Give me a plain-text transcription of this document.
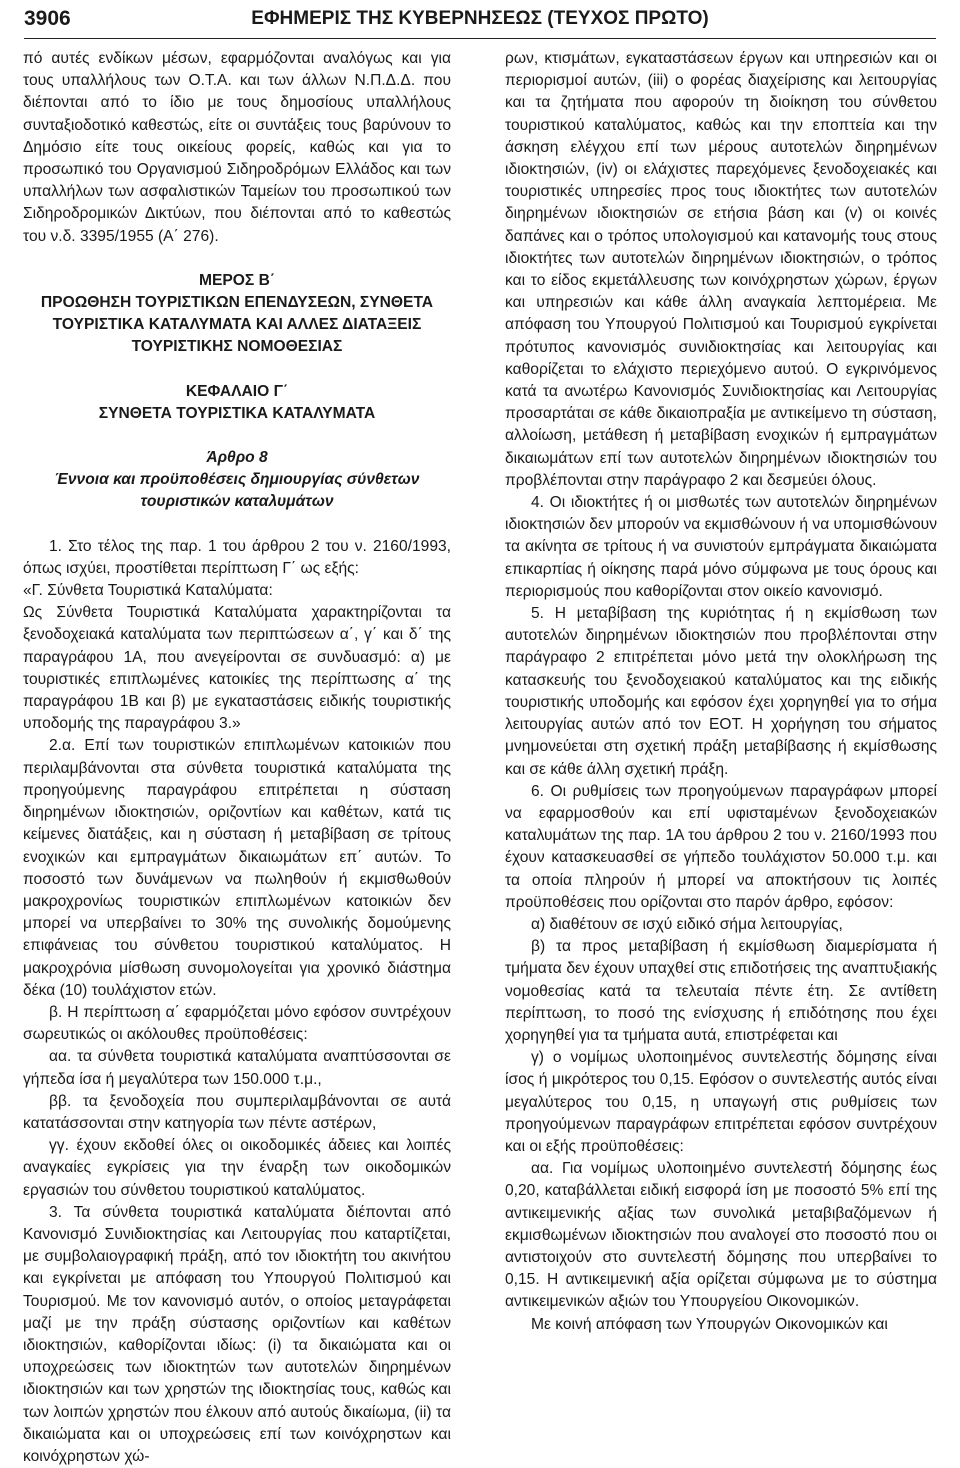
3906	ΕΦΗΜΕΡΙΣ ΤΗΣ ΚΥΒΕΡΝΗΣΕΩΣ (ΤΕΥΧΟΣ ΠΡΩΤΟ)

πό αυτές ενδίκων μέσων, εφαρμόζονται αναλόγως και για τους υπαλλήλους των Ο.Τ.Α. και των άλλων Ν.Π.Δ.Δ. που διέπονται από το ίδιο με τους δημοσίους υπαλλήλους συνταξιοδοτικό καθεστώς, είτε οι συντάξεις τους βαρύνουν το Δημόσιο είτε τους οικείους φορείς, καθώς και για το προσωπικό του Οργανισμού Σιδηροδρόμων Ελλάδος και των υπαλλήλων των ασφαλιστικών Ταμείων του προσωπικού των Σιδηροδρομικών Δικτύων, που διέπονται από το καθεστώς του ν.δ. 3395/1955 (Α΄ 276).

ΜΕΡΟΣ Β΄

ΠΡΟΩΘΗΣΗ ΤΟΥΡΙΣΤΙΚΩΝ ΕΠΕΝΔΥΣΕΩΝ, ΣΥΝΘΕΤΑ

ΤΟΥΡΙΣΤΙΚΑ ΚΑΤΑΛΥΜΑΤΑ ΚΑΙ ΑΛΛΕΣ ΔΙΑΤΑΞΕΙΣ

ΤΟΥΡΙΣΤΙΚΗΣ ΝΟΜΟΘΕΣΙΑΣ

ΚΕΦΑΛΑΙΟ Γ΄

ΣΥΝΘΕΤΑ ΤΟΥΡΙΣΤΙΚΑ ΚΑΤΑΛΥΜΑΤΑ

Άρθρο 8

Έννοια και προϋποθέσεις δημιουργίας σύνθετων

τουριστικών καταλυμάτων

1. Στο τέλος της παρ. 1 του άρθρου 2 του ν. 2160/1993, όπως ισχύει, προστίθεται περίπτωση Γ΄ ως εξής:

«Γ. Σύνθετα Τουριστικά Καταλύματα:

Ως Σύνθετα Τουριστικά Καταλύματα χαρακτηρίζονται τα ξενοδοχειακά καταλύματα των περιπτώσεων α΄, γ΄ και δ΄ της παραγράφου 1Α, που ανεγείρονται σε συνδυασμό: α) με τουριστικές επιπλωμένες κατοικίες της περίπτωσης α΄ της παραγράφου 1Β και β) με εγκαταστάσεις ειδικής τουριστικής υποδομής της παραγράφου 3.»

2.α. Επί των τουριστικών επιπλωμένων κατοικιών που περιλαμβάνονται στα σύνθετα τουριστικά καταλύματα της προηγούμενης παραγράφου επιτρέπεται η σύσταση διηρημένων ιδιοκτησιών, οριζοντίων και καθέτων, κατά τις κείμενες διατάξεις, και η σύσταση ή μεταβίβαση σε τρίτους ενοχικών και εμπραγμάτων δικαιωμάτων επ΄ αυτών. Το ποσοστό των δυνάμενων να πωληθούν ή εκμισθωθούν μακροχρονίως τουριστικών επιπλωμένων κατοικιών δεν μπορεί να υπερβαίνει το 30% της συνολικής δομούμενης επιφάνειας του σύνθετου τουριστικού καταλύματος. Η μακροχρόνια μίσθωση συνομολογείται για χρονικό διάστημα δέκα (10) τουλάχιστον ετών.

β. Η περίπτωση α΄ εφαρμόζεται μόνο εφόσον συντρέχουν σωρευτικώς οι ακόλουθες προϋποθέσεις:

αα. τα σύνθετα τουριστικά καταλύματα αναπτύσσονται σε γήπεδα ίσα ή μεγαλύτερα των 150.000 τ.μ.,

ββ. τα ξενοδοχεία που συμπεριλαμβάνονται σε αυτά κατατάσσονται στην κατηγορία των πέντε αστέρων,

γγ. έχουν εκδοθεί όλες οι οικοδομικές άδειες και λοιπές αναγκαίες εγκρίσεις για την έναρξη των οικοδομικών εργασιών του σύνθετου τουριστικού καταλύματος.

3. Τα σύνθετα τουριστικά καταλύματα διέπονται από Κανονισμό Συνιδιοκτησίας και Λειτουργίας που καταρτίζεται, με συμβολαιογραφική πράξη, από τον ιδιοκτήτη του ακινήτου και εγκρίνεται με απόφαση του Υπουργού Πολιτισμού και Τουρισμού. Με τον κανονισμό αυτόν, ο οποίος μεταγράφεται μαζί με την πράξη σύστασης οριζοντίων και καθέτων ιδιοκτησιών, καθορίζονται ιδίως: (i) τα δικαιώματα και οι υποχρεώσεις των ιδιοκτητών των αυτοτελών διηρημένων ιδιοκτησιών και των χρηστών της ιδιοκτησίας τους, καθώς και των λοιπών χρηστών που έλκουν από αυτούς δικαίωμα, (ii) τα δικαιώματα και οι υποχρεώσεις επί των κοινόχρηστων και κοινόχρηστων χώ-

ρων, κτισμάτων, εγκαταστάσεων έργων και υπηρεσιών και οι περιορισμοί αυτών, (iii) ο φορέας διαχείρισης και λειτουργίας και τα ζητήματα που αφορούν τη διοίκηση του σύνθετου τουριστικού καταλύματος, καθώς και την εποπτεία και την άσκηση ελέγχου επί των μέρους αυτοτελών διηρημένων ιδιοκτησιών, (iv) οι ελάχιστες παρεχόμενες ξενοδοχειακές και τουριστικές υπηρεσίες προς τους ιδιοκτήτες των αυτοτελών διηρημένων ιδιοκτησιών σε ετήσια βάση και (v) οι κοινές δαπάνες και ο τρόπος υπολογισμού και κατανομής τους στους ιδιοκτήτες των αυτοτελών διηρημένων ιδιοκτησιών, ο τρόπος και το είδος εκμετάλλευσης των κοινόχρηστων χώρων, έργων και υπηρεσιών και κάθε άλλη αναγκαία λεπτομέρεια. Με απόφαση του Υπουργού Πολιτισμού και Τουρισμού εγκρίνεται πρότυπος κανονισμός συνιδιοκτησίας και λειτουργίας και καθορίζεται το ελάχιστο περιεχόμενο αυτού. Ο εγκρινόμενος κατά τα ανωτέρω Κανονισμός Συνιδιοκτησίας και Λειτουργίας προσαρτάται σε κάθε δικαιοπραξία με αντικείμενο τη σύσταση, αλλοίωση, μετάθεση ή μεταβίβαση ενοχικών ή εμπραγμάτων δικαιωμάτων επί των αυτοτελών διηρημένων ιδιοκτησιών του προβλέπονται στην παράγραφο 2 και δεσμεύει όλους.

4. Οι ιδιοκτήτες ή οι μισθωτές των αυτοτελών διηρημένων ιδιοκτησιών δεν μπορούν να εκμισθώνουν ή να υπομισθώνουν τα ακίνητα σε τρίτους ή να συνιστούν εμπράγματα δικαιώματα επικαρπίας ή οίκησης παρά μόνο σύμφωνα με τους όρους και περιορισμούς που καθορίζονται στον οικείο κανονισμό.

5. Η μεταβίβαση της κυριότητας ή η εκμίσθωση των αυτοτελών διηρημένων ιδιοκτησιών που προβλέπονται στην παράγραφο 2 επιτρέπεται μόνο μετά την ολοκλήρωση της κατασκευής του ξενοδοχειακού καταλύματος και της ειδικής τουριστικής υποδομής και εφόσον έχει χορηγηθεί για το σήμα λειτουργίας αυτών από τον ΕΟΤ. Η χορήγηση του σήματος μνημονεύεται στη σχετική πράξη μεταβίβασης ή εκμίσθωσης και σε κάθε άλλη σχετική πράξη.

6. Οι ρυθμίσεις των προηγούμενων παραγράφων μπορεί να εφαρμοσθούν και επί υφισταμένων ξενοδοχειακών καταλυμάτων της παρ. 1Α του άρθρου 2 του ν. 2160/1993 που έχουν κατασκευασθεί σε γήπεδο τουλάχιστον 50.000 τ.μ. και τα οποία πληρούν ή μπορεί να αποκτήσουν τις λοιπές προϋποθέσεις που ορίζονται στο παρόν άρθρο, εφόσον:

α) διαθέτουν σε ισχύ ειδικό σήμα λειτουργίας,

β) τα προς μεταβίβαση ή εκμίσθωση διαμερίσματα ή τμήματα δεν έχουν υπαχθεί στις επιδοτήσεις της αναπτυξιακής νομοθεσίας κατά τα τελευταία πέντε έτη. Σε αντίθετη περίπτωση, το ποσό της ενίσχυσης ή επιδότησης που έχει χορηγηθεί για τα τμήματα αυτά, επιστρέφεται και

γ) ο νομίμως υλοποιημένος συντελεστής δόμησης είναι ίσος ή μικρότερος του 0,15. Εφόσον ο συντελεστής αυτός είναι μεγαλύτερος του 0,15, η υπαγωγή στις ρυθμίσεις των προηγούμενων παραγράφων επιτρέπεται εφόσον συντρέχουν και οι εξής προϋποθέσεις:

αα. Για νομίμως υλοποιημένο συντελεστή δόμησης έως 0,20, καταβάλλεται ειδική εισφορά ίση με ποσοστό 5% επί της αντικειμενικής αξίας των συνολικά μεταβιβαζόμενων ή εκμισθωμένων ιδιοκτησιών που αναλογεί στο ποσοστό που οι αντιστοιχούν στο συντελεστή δόμησης που υπερβαίνει το 0,15. Η αντικειμενική αξία ορίζεται σύμφωνα με το σύστημα αντικειμενικών αξιών του Υπουργείου Οικονομικών.

Με κοινή απόφαση των Υπουργών Οικονομικών και
